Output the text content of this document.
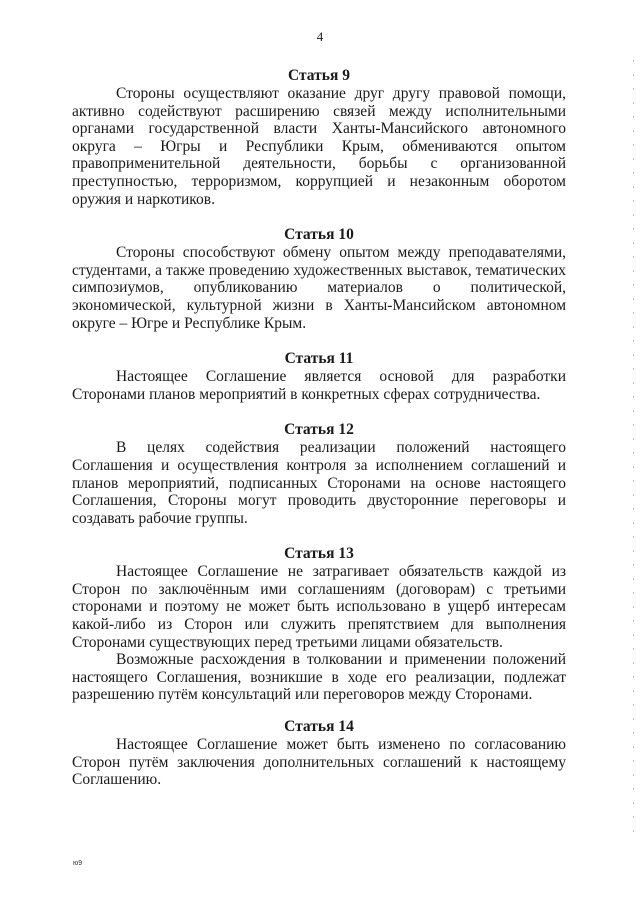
4

Статья 9

Стороны осуществляют оказание друг другу правовой помощи, активно содействуют расширению связей между исполнительными органами государственной власти Ханты-Мансийского автономного округа – Югры и Республики Крым, обмениваются опытом правоприменительной деятельности, борьбы с организованной преступностью, терроризмом, коррупцией и незаконным оборотом оружия и наркотиков.

Статья 10

Стороны способствуют обмену опытом между преподавателями, студентами, а также проведению художественных выставок, тематических симпозиумов, опубликованию материалов о политической, экономической, культурной жизни в Ханты-Мансийском автономном округе – Югре и Республике Крым.

Статья 11

Настоящее Соглашение является основой для разработки Сторонами планов мероприятий в конкретных сферах сотрудничества.

Статья 12

В целях содействия реализации положений настоящего Соглашения и осуществления контроля за исполнением соглашений и планов мероприятий, подписанных Сторонами на основе настоящего Соглашения, Стороны могут проводить двусторонние переговоры и создавать рабочие группы.

Статья 13

Настоящее Соглашение не затрагивает обязательств каждой из Сторон по заключённым ими соглашениям (договорам) с третьими сторонами и поэтому не может быть использовано в ущерб интересам какой-либо из Сторон или служить препятствием для выполнения Сторонами существующих перед третьими лицами обязательств.

Возможные расхождения в толковании и применении положений настоящего Соглашения, возникшие в ходе его реализации, подлежат разрешению путём консультаций или переговоров между Сторонами.

Статья 14

Настоящее Соглашение может быть изменено по согласованию Сторон путём заключения дополнительных соглашений к настоящему Соглашению.

ю9
